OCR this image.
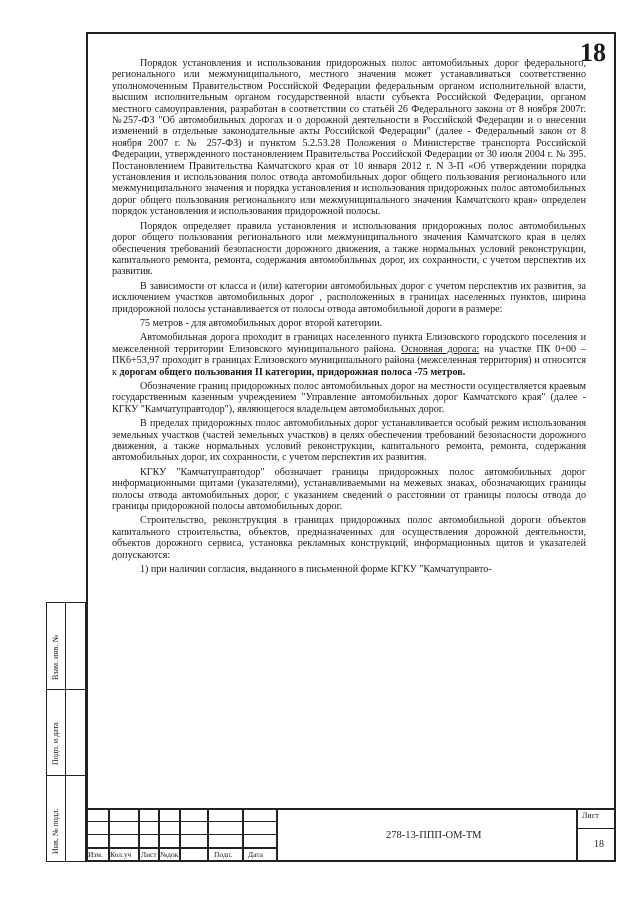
18

Порядок установления и использования придорожных полос автомобильных дорог федерального, регионального или межмуниципального, местного значения может устанавливаться соответственно уполномоченным Правительством Российской Федерации федеральным органом исполнительной власти, высшим исполнительным органом государственной власти субъекта Российской Федерации, органом местного самоуправления, разработан в соответствии со статьёй 26 Федерального закона от 8 ноября 2007г. №257-ФЗ "Об автомобильных дорогах и о дорожной деятельности в Российской Федерации и о внесении изменений в отдельные законодательные акты Российской Федерации" (далее - Федеральный закон от 8 ноября 2007 г. № 257-ФЗ) и пунктом 5.2.53.28 Положения о Министерстве транспорта Российской Федерации, утвержденного постановлением Правительства Российской Федерации от 30 июля 2004 г. № 395. Постановлением Правительства Камчатского края от 10 января 2012 г. N 3-П «Об утверждении порядка установления и использования полос отвода автомобильных дорог общего пользования регионального или межмуниципального значения и порядка установления и использования придорожных полос автомобильных дорог общего пользования регионального или межмуниципального значения Камчатского края» определен порядок установления и использования придорожной полосы.

Порядок определяет правила установления и использования придорожных полос автомобильных дорог общего пользования регионального или межмуниципального значения Камчатского края в целях обеспечения требований безопасности дорожного движения, а также нормальных условий реконструкции, капитального ремонта, ремонта, содержания автомобильных дорог, их сохранности, с учетом перспектив их развития.

В зависимости от класса и (или) категории автомобильных дорог с учетом перспектив их развития, за исключением участков автомобильных дорог , расположенных в границах населенных пунктов, ширина придорожной полосы устанавливается от полосы отвода автомобильной дороги в размере:

75 метров - для автомобильных дорог второй категории.

Автомобильная дорога проходит в границах населенного пункта Елизовского городского поселения и межселенной территории Елизовского муниципального района. Основная дорога: на участке ПК 0+00 – ПК6+53,97 проходит в границах Елизовского муниципального района (межселенная территория) и относится к дорогам общего пользования II категории, придорожная полоса -75 метров.

Обозначение границ придорожных полос автомобильных дорог на местности осуществляется краевым государственным казенным учреждением "Управление автомобильных дорог Камчатского края" (далее - КГКУ "Камчатуправтодор"), являющегося владельцем автомобильных дорог.

В пределах придорожных полос автомобильных дорог устанавливается особый режим использования земельных участков (частей земельных участков) в целях обеспечения требований безопасности дорожного движения, а также нормальных условий реконструкции, капитального ремонта, ремонта, содержания автомобильных дорог, их сохранности, с учетом перспектив их развития.

КГКУ "Камчатуправтодор" обозначает границы придорожных полос автомобильных дорог информационными щитами (указателями), устанавливаемыми на межевых знаках, обозначающих границы полосы отвода автомобильных дорог, с указанием сведений о расстоянии от границы полосы отвода до границы придорожной полосы автомобильных дорог.

Строительство, реконструкция в границах придорожных полос автомобильной дороги объектов капитального строительства, объектов, предназначенных для осуществления дорожной деятельности, объектов дорожного сервиса, установка рекламных конструкций, информационных щитов и указателей допускаются:

1) при наличии согласия, выданного в письменной форме КГКУ "Камчатуправто-

Взам. инв. №
Подп. и дата
Инв. № подл.
Изм. Кол.уч Лист №док.	Подп. Дата
278-13-ППП-ОМ-ТМ
Лист
18
